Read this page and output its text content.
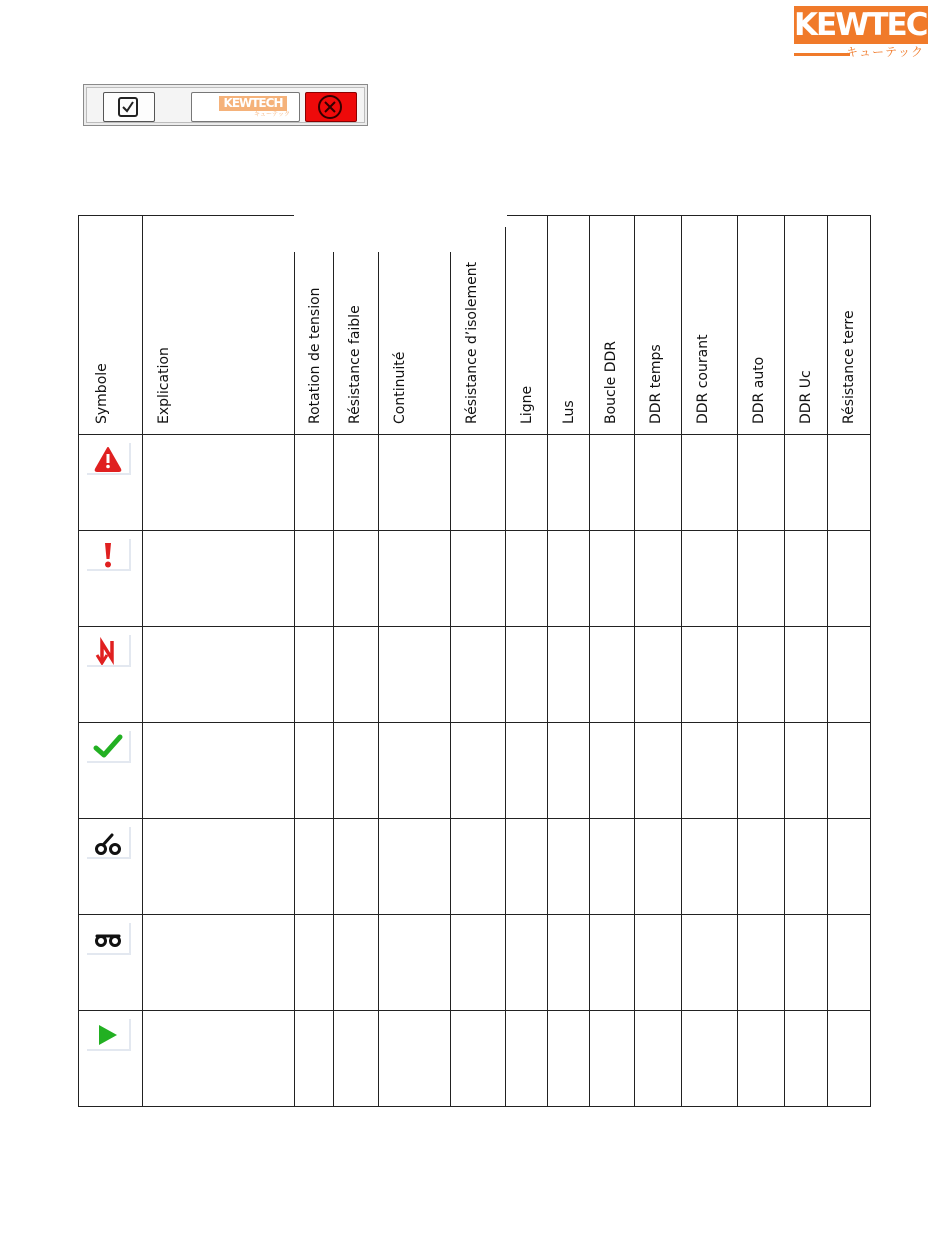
KEWTECH
キューテック
KEWTECH
キューテック
Symbole	Explication	Rotation de tension	Résistance faible	Continuité	Résistance d’isolement	Ligne	Lus	Boucle DDR	DDR temps	DDR courant	DDR auto	DDR Uc	Résistance terre
